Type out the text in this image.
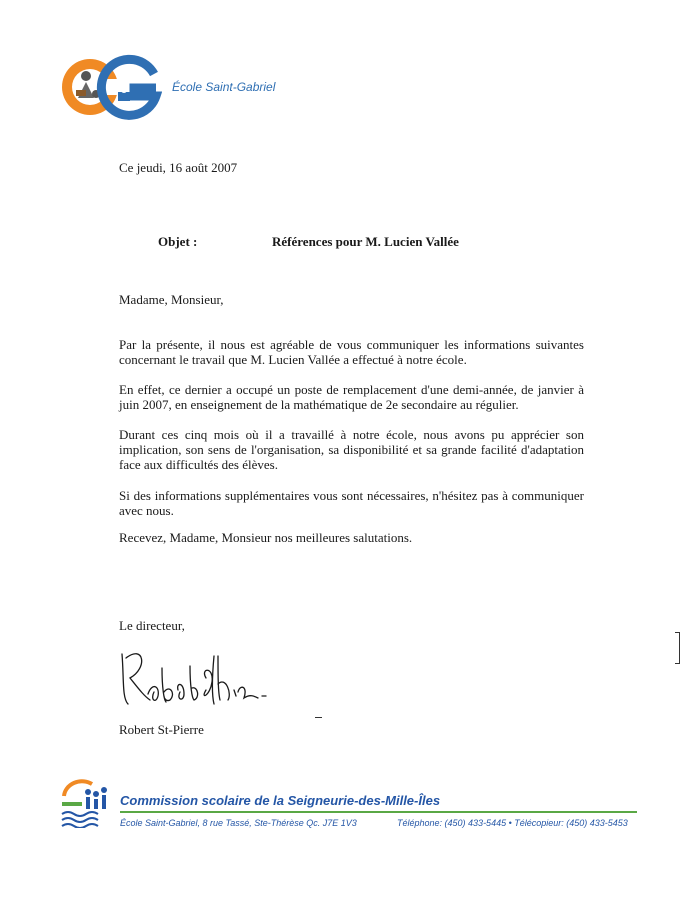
École Saint-Gabriel
Ce jeudi, 16 août 2007
Objet :	Références pour M. Lucien Vallée
Madame, Monsieur,
Par la présente, il nous est agréable de vous communiquer les informations suivantes concernant le travail que M. Lucien Vallée a effectué à notre école.
En effet, ce dernier a occupé un poste de remplacement d'une demi-année, de janvier à juin 2007, en enseignement de la mathématique de 2e secondaire au régulier.
Durant ces cinq mois où il a travaillé à notre école, nous avons pu apprécier son implication, son sens de l'organisation, sa disponibilité et sa grande facilité d'adaptation face aux difficultés des élèves.
Si des informations supplémentaires vous sont nécessaires, n'hésitez pas à communiquer avec nous.
Recevez, Madame, Monsieur nos meilleures salutations.
Le directeur,
Robert St-Pierre
Commission scolaire de la Seigneurie-des-Mille-Îles
École Saint-Gabriel, 8 rue Tassé, Ste-Thérèse Qc. J7E 1V3	Téléphone: (450) 433-5445 • Télécopieur: (450) 433-5453
